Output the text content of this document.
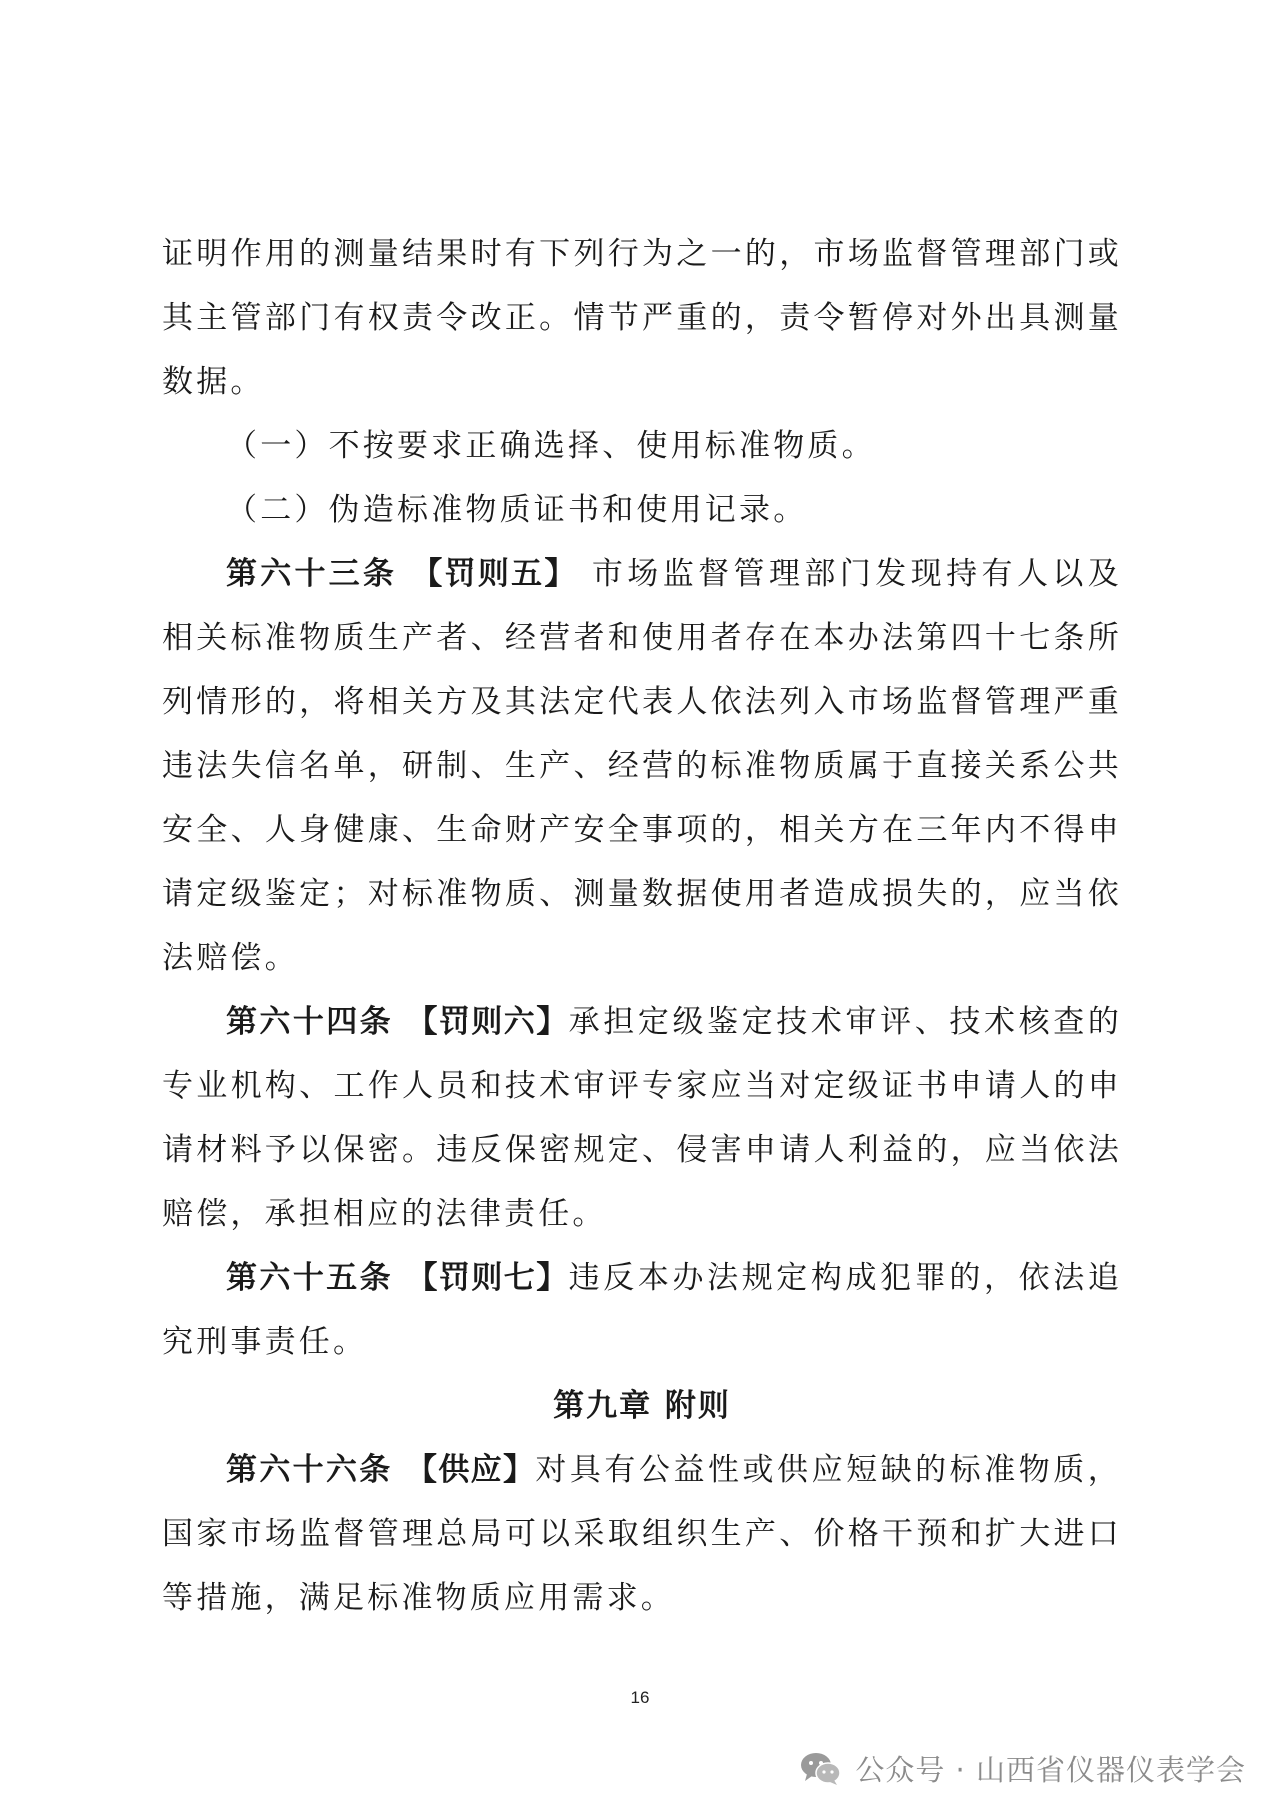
证明作用的测量结果时有下列行为之一的，市场监督管理部门或其主管部门有权责令改正。情节严重的，责令暂停对外出具测量数据。

（一）不按要求正确选择、使用标准物质。

（二）伪造标准物质证书和使用记录。

第六十三条 【罚则五】 市场监督管理部门发现持有人以及相关标准物质生产者、经营者和使用者存在本办法第四十七条所列情形的，将相关方及其法定代表人依法列入市场监督管理严重违法失信名单，研制、生产、经营的标准物质属于直接关系公共安全、人身健康、生命财产安全事项的，相关方在三年内不得申请定级鉴定；对标准物质、测量数据使用者造成损失的，应当依法赔偿。

第六十四条 【罚则六】承担定级鉴定技术审评、技术核查的专业机构、工作人员和技术审评专家应当对定级证书申请人的申请材料予以保密。违反保密规定、侵害申请人利益的，应当依法赔偿，承担相应的法律责任。

第六十五条 【罚则七】违反本办法规定构成犯罪的，依法追究刑事责任。

第九章 附则

第六十六条 【供应】对具有公益性或供应短缺的标准物质，国家市场监督管理总局可以采取组织生产、价格干预和扩大进口等措施，满足标准物质应用需求。

16
公众号 · 山西省仪器仪表学会
